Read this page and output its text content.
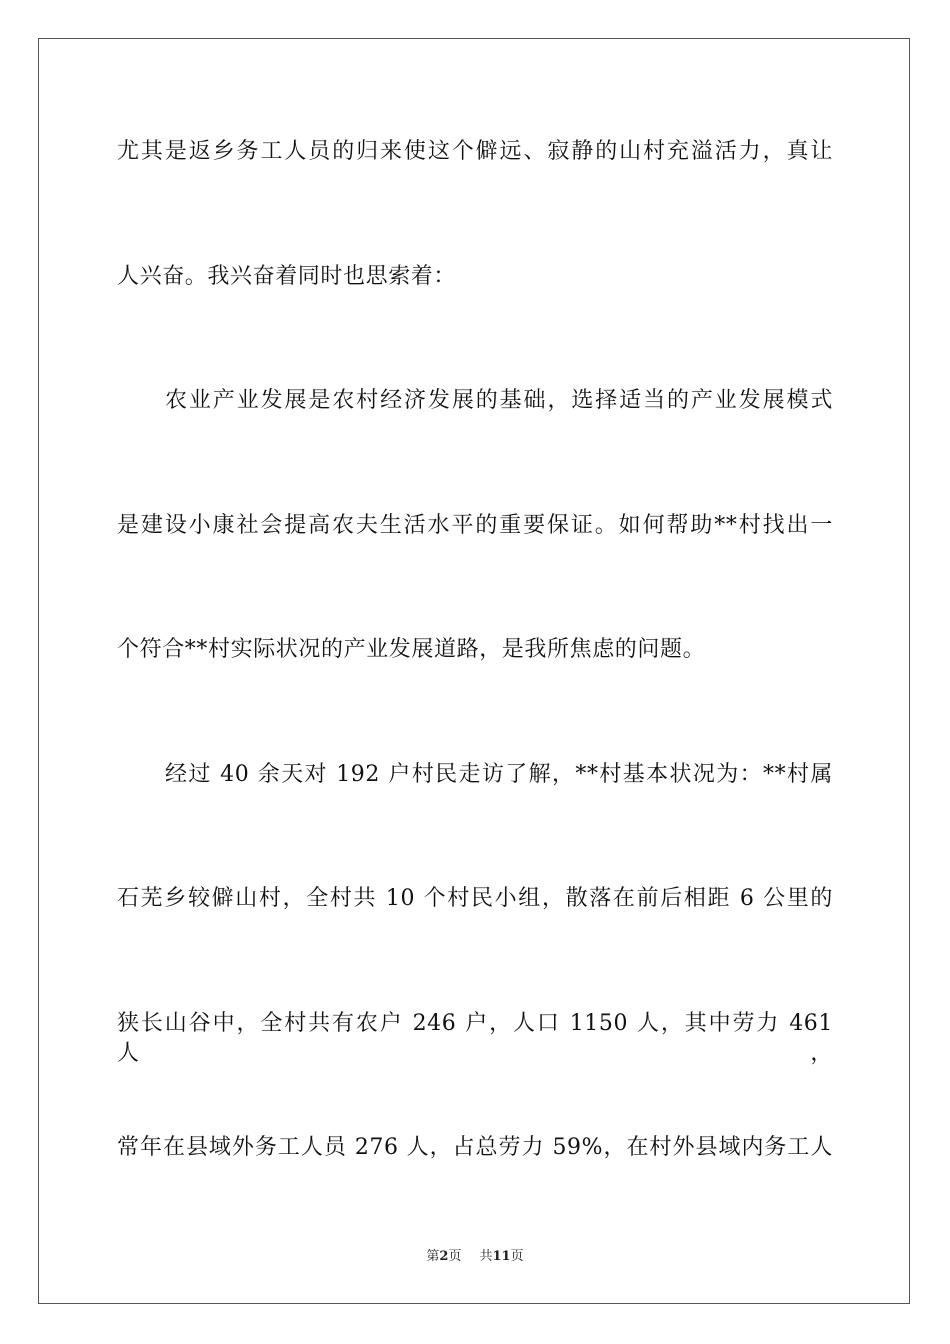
尤其是返乡务工人员的归来使这个僻远、寂静的山村充溢活力，真让
人兴奋。我兴奋着同时也思索着：
农业产业发展是农村经济发展的基础，选择适当的产业发展模式
是建设小康社会提高农夫生活水平的重要保证。如何帮助**村找出一
个符合**村实际状况的产业发展道路，是我所焦虑的问题。
经过 40 余天对 192 户村民走访了解，**村基本状况为：**村属
石芜乡较僻山村，全村共 10 个村民小组，散落在前后相距 6 公里的
狭长山谷中，全村共有农户 246 户，人口 1150 人，其中劳力 461 人，
常年在县域外务工人员 276 人，占总劳力 59%，在村外县域内务工人
第2页 共11页
